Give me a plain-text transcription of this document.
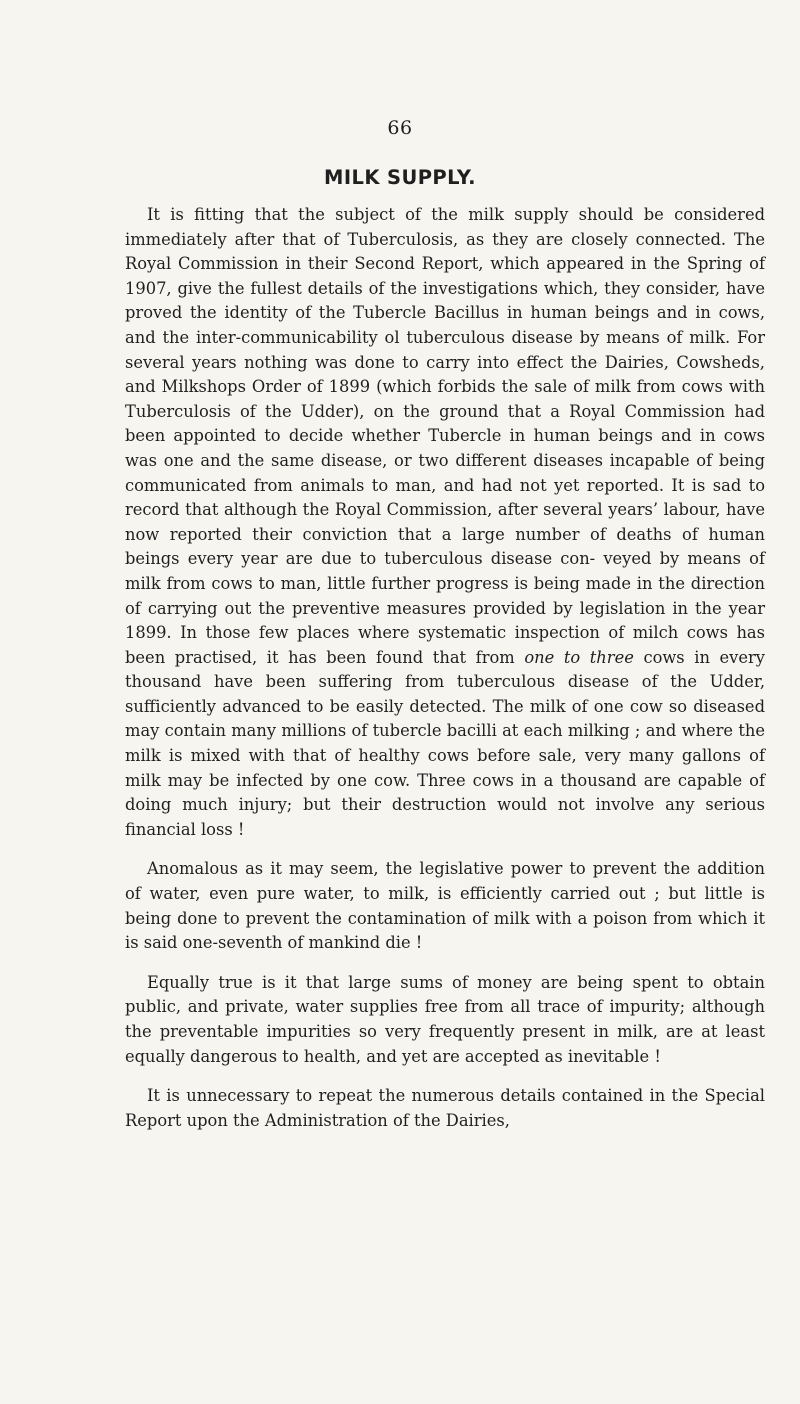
66
MILK SUPPLY.

It is fitting that the subject of the milk supply should be considered immediately after that of Tuberculosis, as they are closely connected. The Royal Commission in their Second Report, which appeared in the Spring of 1907, give the fullest details of the investigations which, they consider, have proved the identity of the Tubercle Bacillus in human beings and in cows, and the inter-communicability ol tuberculous disease by means of milk. For several years nothing was done to carry into effect the Dairies, Cowsheds, and Milkshops Order of 1899 (which forbids the sale of milk from cows with Tuberculosis of the Udder), on the ground that a Royal Commission had been appointed to decide whether Tubercle in human beings and in cows was one and the same disease, or two different diseases incapable of being communicated from animals to man, and had not yet reported. It is sad to record that although the Royal Commission, after several years’ labour, have now reported their conviction that a large number of deaths of human beings every year are due to tuberculous disease con- veyed by means of milk from cows to man, little further progress is being made in the direction of carrying out the preventive measures provided by legislation in the year 1899. In those few places where systematic inspection of milch cows has been practised, it has been found that from one to three cows in every thousand have been suffering from tuberculous disease of the Udder, sufficiently advanced to be easily detected. The milk of one cow so diseased may contain many millions of tubercle bacilli at each milking ; and where the milk is mixed with that of healthy cows before sale, very many gallons of milk may be infected by one cow. Three cows in a thousand are capable of doing much injury; but their destruction would not involve any serious financial loss !

Anomalous as it may seem, the legislative power to prevent the addition of water, even pure water, to milk, is efficiently carried out ; but little is being done to prevent the contamination of milk with a poison from which it is said one-seventh of mankind die !

Equally true is it that large sums of money are being spent to obtain public, and private, water supplies free from all trace of impurity; although the preventable impurities so very frequently present in milk, are at least equally dangerous to health, and yet are accepted as inevitable !

It is unnecessary to repeat the numerous details contained in the Special Report upon the Administration of the Dairies,
